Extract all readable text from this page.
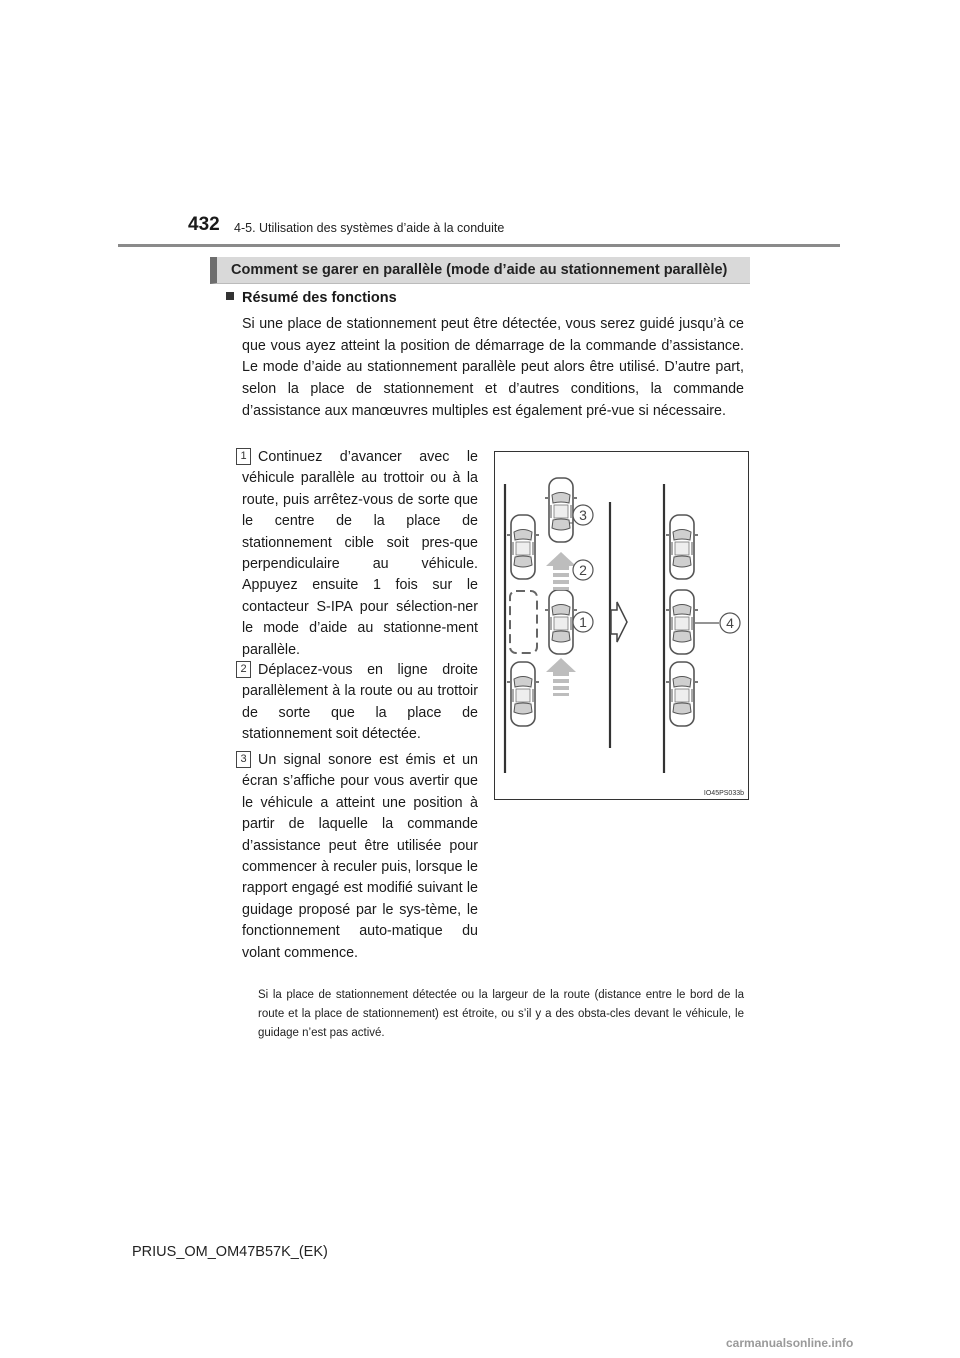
432 4-5. Utilisation des systèmes d’aide à la conduite
Comment se garer en parallèle (mode d’aide au stationnement parallèle)
Résumé des fonctions
Si une place de stationnement peut être détectée, vous serez guidé jusqu’à ce que vous ayez atteint la position de démarrage de la commande d’assistance. Le mode d’aide au stationnement parallèle peut alors être utilisé. D’autre part, selon la place de stationnement et d’autres conditions, la commande d’assistance aux manœuvres multiples est également pré-vue si nécessaire.
1 Continuez d’avancer avec le véhicule parallèle au trottoir ou à la route, puis arrêtez-vous de sorte que le centre de la place de stationnement cible soit pres-que perpendiculaire au véhicule. Appuyez ensuite 1 fois sur le contacteur S-IPA pour sélection-ner le mode d’aide au stationne-ment parallèle.
2 Déplacez-vous en ligne droite parallèlement à la route ou au trottoir de sorte que la place de stationnement soit détectée.
3 Un signal sonore est émis et un écran s’affiche pour vous avertir que le véhicule a atteint une position à partir de laquelle la commande d’assistance peut être utilisée pour commencer à reculer puis, lorsque le rapport engagé est modifié suivant le guidage proposé par le sys-tème, le fonctionnement auto-matique du volant commence.
3
2
1	4
IO45PS033b
Si la place de stationnement détectée ou la largeur de la route (distance entre le bord de la route et la place de stationnement) est étroite, ou s’il y a des obsta-cles devant le véhicule, le guidage n’est pas activé.
PRIUS_OM_OM47B57K_(EK)
carmanualsonline.info
